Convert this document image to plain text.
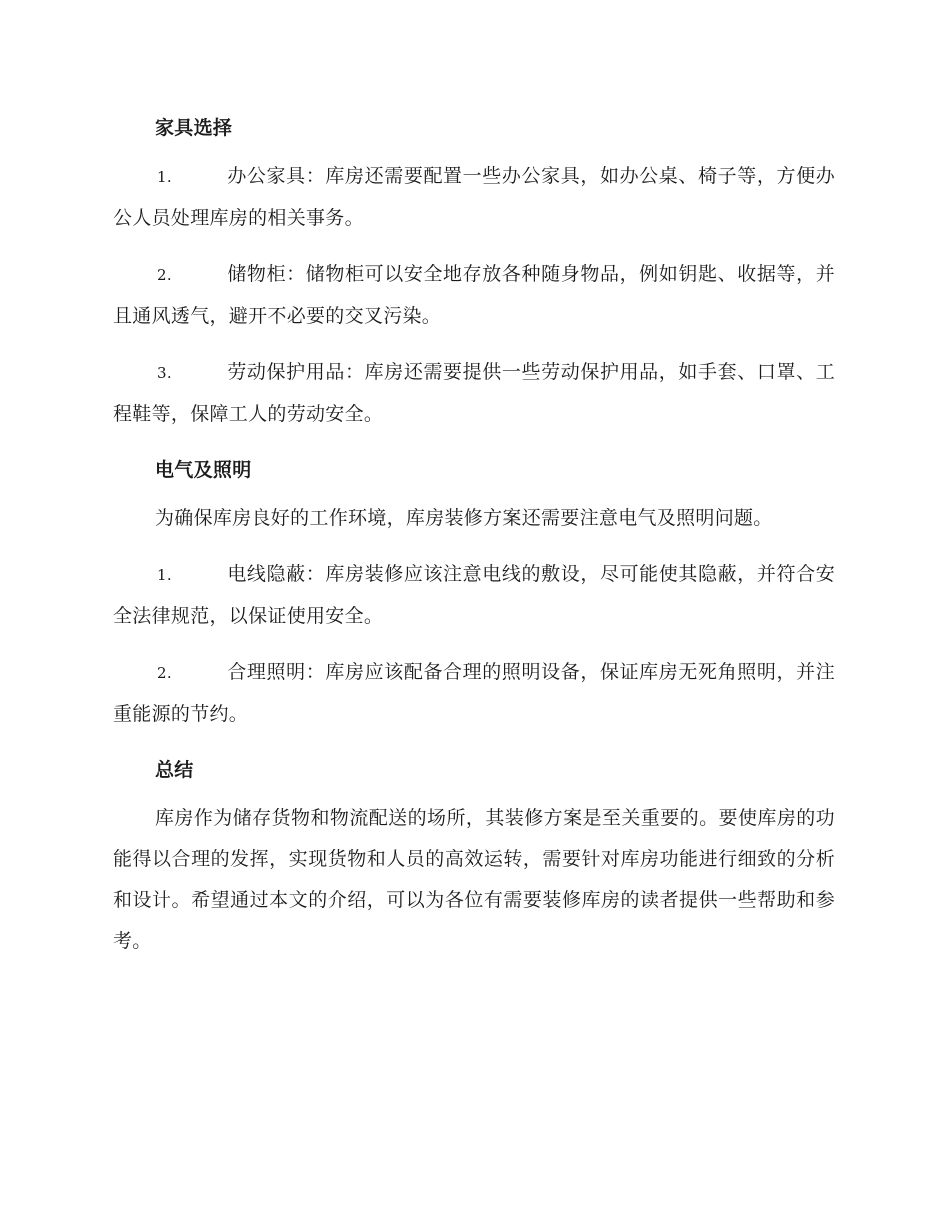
家具选择
1.	办公家具：库房还需要配置一些办公家具，如办公桌、椅子等，方便办公人员处理库房的相关事务。
2.	储物柜：储物柜可以安全地存放各种随身物品，例如钥匙、收据等，并且通风透气，避开不必要的交叉污染。
3.	劳动保护用品：库房还需要提供一些劳动保护用品，如手套、口罩、工程鞋等，保障工人的劳动安全。
电气及照明
为确保库房良好的工作环境，库房装修方案还需要注意电气及照明问题。
1.	电线隐蔽：库房装修应该注意电线的敷设，尽可能使其隐蔽，并符合安全法律规范，以保证使用安全。
2.	合理照明：库房应该配备合理的照明设备，保证库房无死角照明，并注重能源的节约。
总结
库房作为储存货物和物流配送的场所，其装修方案是至关重要的。要使库房的功能得以合理的发挥，实现货物和人员的高效运转，需要针对库房功能进行细致的分析和设计。希望通过本文的介绍，可以为各位有需要装修库房的读者提供一些帮助和参考。
